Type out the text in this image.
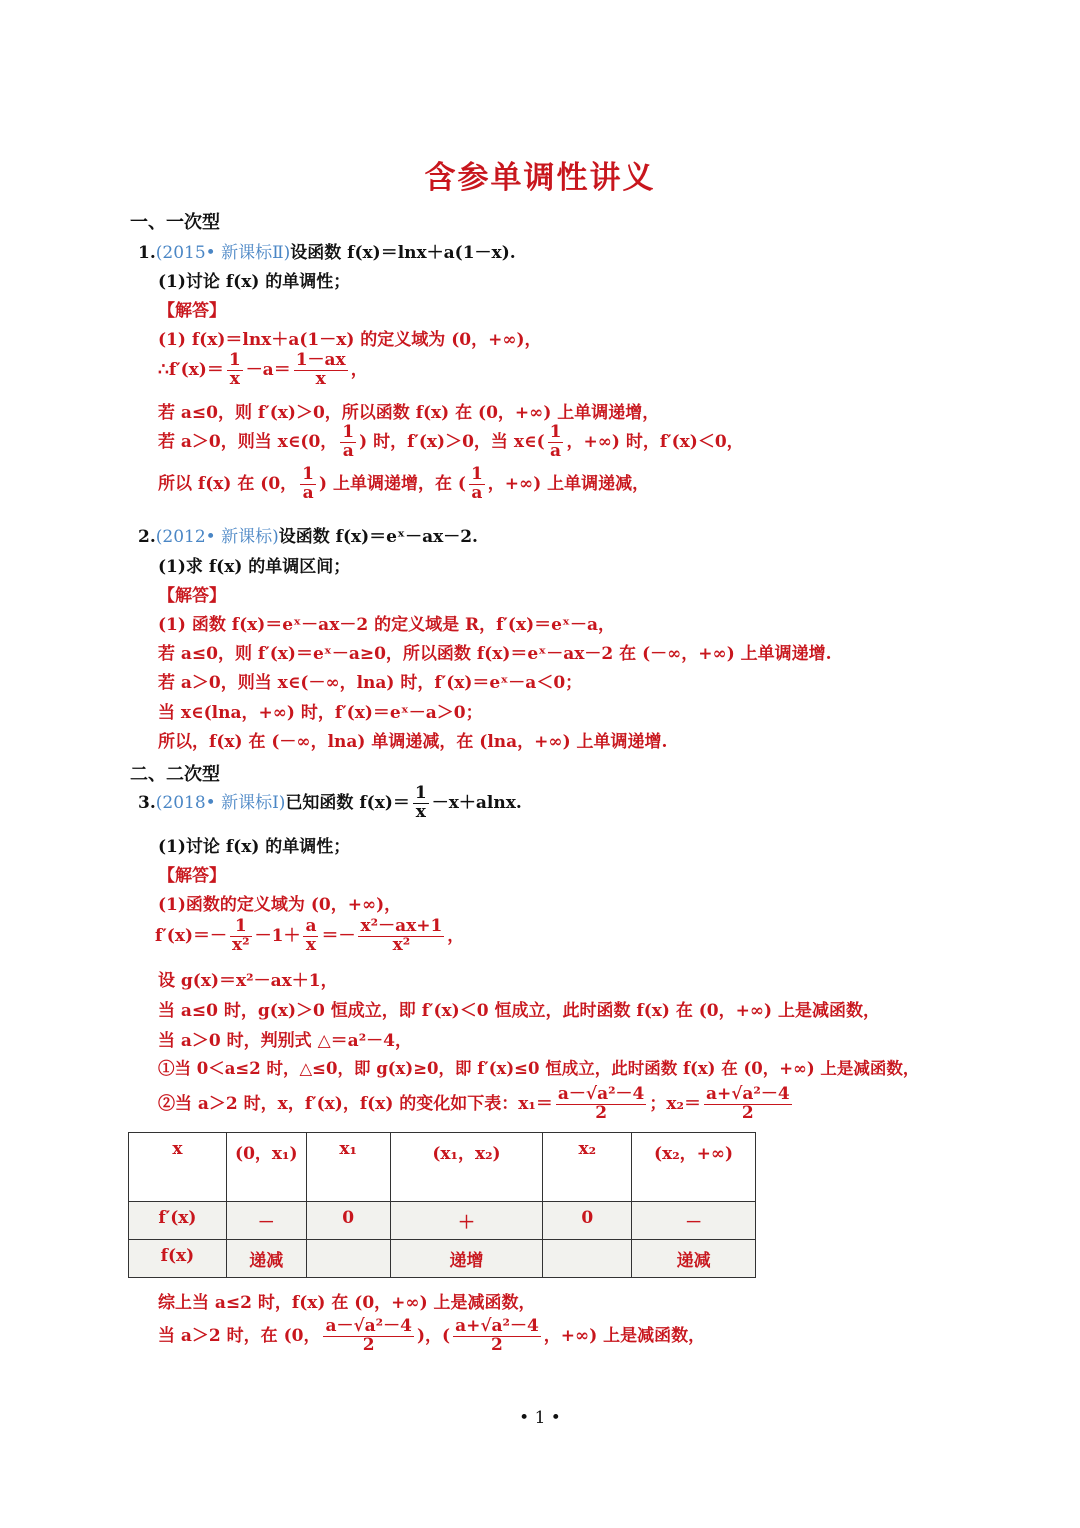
含参单调性讲义
一、一次型
1.(2015• 新课标Ⅱ)设函数 f(x)＝lnx＋a(1－x).
(1)讨论 f(x) 的单调性；
【解答】
(1) f(x)＝lnx＋a(1－x) 的定义域为 (0，+∞)，
∴f′(x)＝ $\frac{1}{x} -a= \frac{1-ax}{x}$ ，
若 a≤0，则 f′(x)＞0，所以函数 f(x) 在 (0，+∞) 上单调递增，
若 a＞0，则当 x∈(0， $\frac{1}{a}$ ) 时，f′(x)＞0，当 x∈( $\frac{1}{a}$ ，+∞) 时，f′(x)＜0，
所以 f(x) 在 (0， $\frac{1}{a}$ ) 上单调递增，在 ( $\frac{1}{a}$ ，+∞) 上单调递减，
2.(2012• 新课标)设函数 f(x)＝eˣ－ax－2.
(1)求 f(x) 的单调区间；
【解答】
(1) 函数 f(x)＝eˣ－ax－2 的定义域是 R，f′(x)＝eˣ－a，
若 a≤0，则 f′(x)＝eˣ－a≥0，所以函数 f(x)＝eˣ－ax－2 在 (－∞，+∞) 上单调递增.
若 a＞0，则当 x∈(－∞，lna) 时，f′(x)＝eˣ－a＜0；
当 x∈(lna，+∞) 时，f′(x)＝eˣ－a＞0；
所以，f(x) 在 (－∞，lna) 单调递减，在 (lna，+∞) 上单调递增.
二、二次型
3.(2018• 新课标Ⅰ)已知函数 $f(x)= \frac{1}{x} -x+alnx$.
(1)讨论 f(x) 的单调性；
【解答】
(1)函数的定义域为 (0，+∞)，
$f'(x)=- \frac{1}{\text{x²}} -1+ \frac{a}{x} =- \frac{\text{x²－ax+1}}{\text{x²}}$ ，
设 g(x)＝x²－ax＋1，
当 a≤0 时，g(x)＞0 恒成立，即 f′(x)＜0 恒成立，此时函数 f(x) 在 (0，+∞) 上是减函数，
当 a＞0 时，判别式 △＝a²－4，
①当 0＜a≤2 时，△≤0，即 g(x)≥0，即 f′(x)≤0 恒成立，此时函数 f(x) 在 (0，+∞) 上是减函数，
②当 a＞2 时，x，f′(x)，f(x) 的变化如下表：$x_1= \frac{\text{a－√a²－4}}{2}$ ；$x_2= \frac{\text{a+√a²－4}}{2}$
x	(0，x₁)	x₁	(x₁，x₂)	x₂	(x₂，+∞)
f′(x)	－	0	＋	0	－
f(x)	递减		递增		递减
综上当 a≤2 时，f(x) 在 (0，+∞) 上是减函数，
当 a＞2 时，在 (0， $\frac{\text{a－√a²－4}}{2}$ )，( $\frac{\text{a+√a²－4}}{2}$ ，+∞) 上是减函数，
• 1 •
